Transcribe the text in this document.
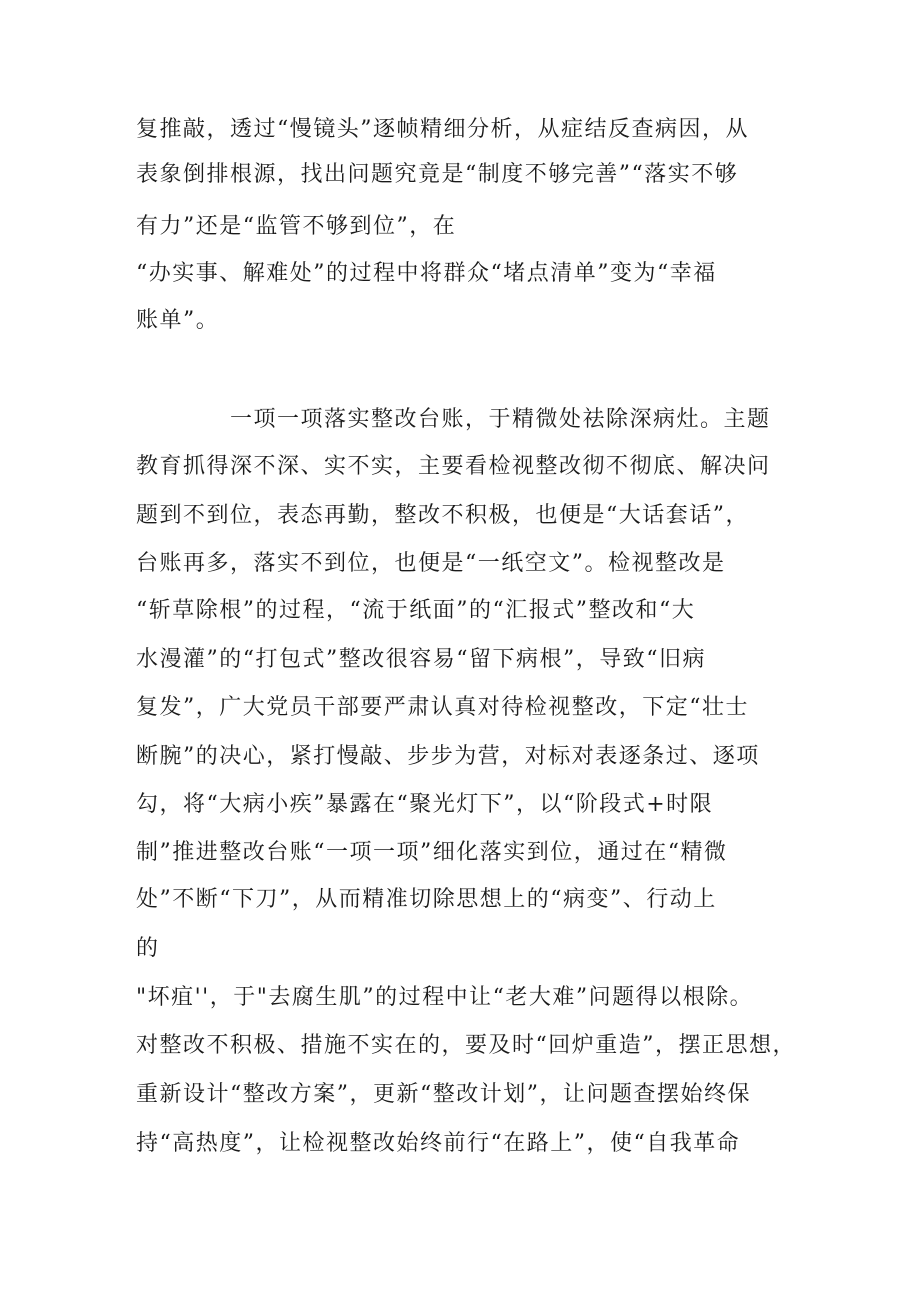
复推敲，透过“慢镜头”逐帧精细分析，从症结反查病因，从
表象倒排根源，找出问题究竟是“制度不够完善”“落实不够
有力”还是“监管不够到位”，在
“办实事、解难处”的过程中将群众“堵点清单”变为“幸福
账单”。
一项一项落实整改台账，于精微处祛除深病灶。主题
教育抓得深不深、实不实，主要看检视整改彻不彻底、解决问
题到不到位，表态再勤，整改不积极，也便是“大话套话”，
台账再多，落实不到位，也便是“一纸空文”。检视整改是
“斩草除根”的过程，“流于纸面”的“汇报式”整改和“大
水漫灌”的“打包式”整改很容易“留下病根”，导致“旧病
复发”，广大党员干部要严肃认真对待检视整改，下定“壮士
断腕”的决心，紧打慢敲、步步为营，对标对表逐条过、逐项
勾，将“大病小疾”暴露在“聚光灯下”，以“阶段式+时限
制”推进整改台账“一项一项”细化落实到位，通过在“精微
处”不断“下刀”，从而精准切除思想上的“病变”、行动上
的
"坏疽''，于"去腐生肌”的过程中让“老大难”问题得以根除。
对整改不积极、措施不实在的，要及时“回炉重造”，摆正思想，
重新设计“整改方案”，更新“整改计划”，让问题查摆始终保
持“高热度”，让检视整改始终前行“在路上”，使“自我革命
